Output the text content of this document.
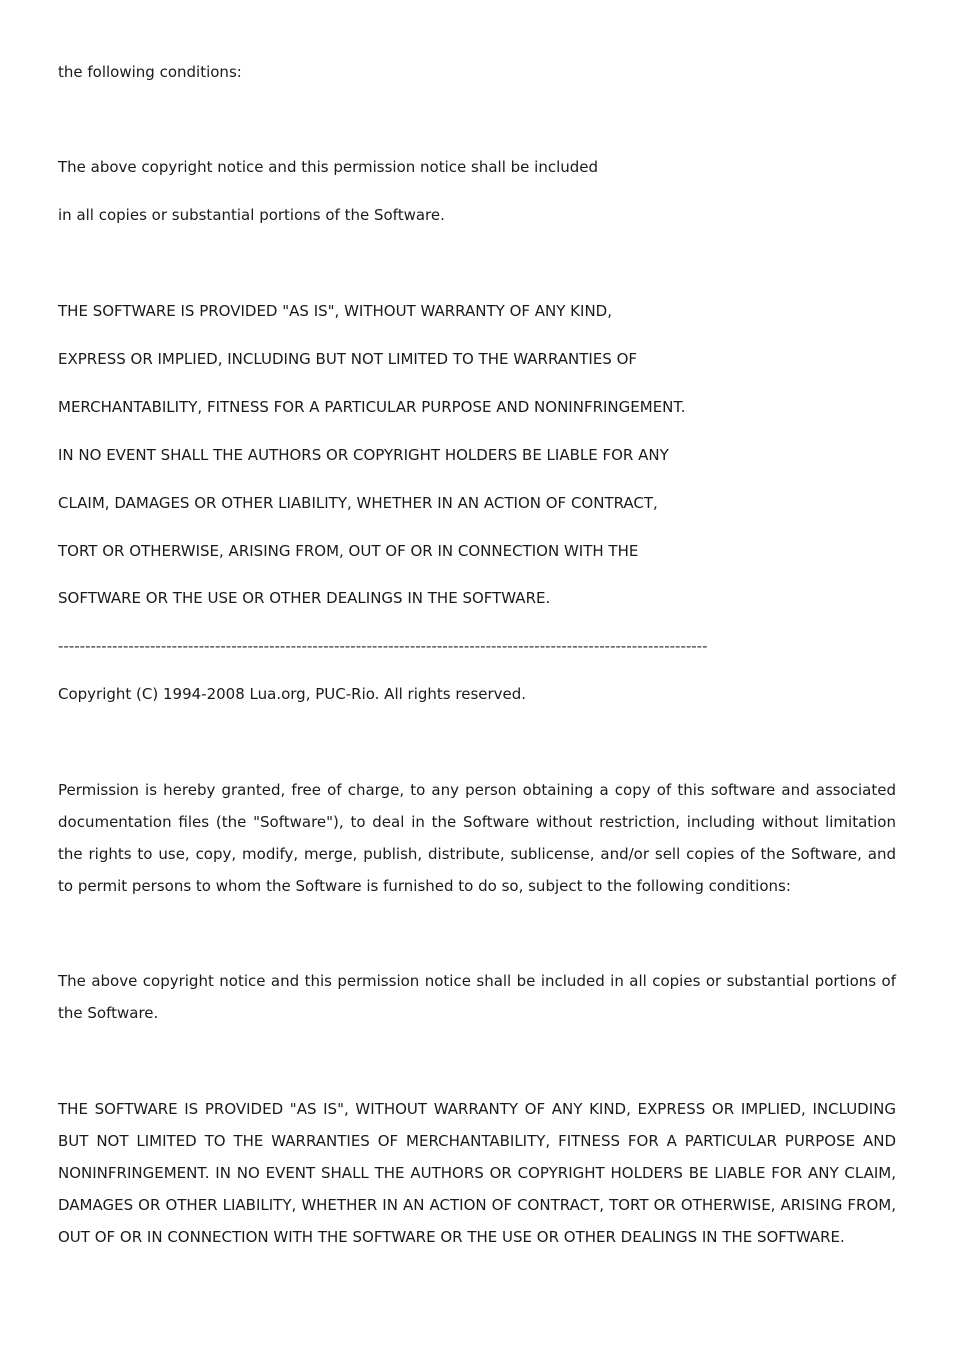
the following conditions:
The above copyright notice and this permission notice shall be included
in all copies or substantial portions of the Software.
THE SOFTWARE IS PROVIDED "AS IS", WITHOUT WARRANTY OF ANY KIND,
EXPRESS OR IMPLIED, INCLUDING BUT NOT LIMITED TO THE WARRANTIES OF
MERCHANTABILITY, FITNESS FOR A PARTICULAR PURPOSE AND NONINFRINGEMENT.
IN NO EVENT SHALL THE AUTHORS OR COPYRIGHT HOLDERS BE LIABLE FOR ANY
CLAIM, DAMAGES OR OTHER LIABILITY, WHETHER IN AN ACTION OF CONTRACT,
TORT OR OTHERWISE, ARISING FROM, OUT OF OR IN CONNECTION WITH THE
SOFTWARE OR THE USE OR OTHER DEALINGS IN THE SOFTWARE.
------------------------------------------------------------------------------------------------------------------------
Copyright (C) 1994-2008 Lua.org, PUC-Rio. All rights reserved.
Permission is hereby granted, free of charge, to any person obtaining a copy of this software and associated documentation files (the "Software"), to deal in the Software without restriction, including without limitation the rights to use, copy, modify, merge, publish, distribute, sublicense, and/or sell copies of the Software, and to permit persons to whom the Software is furnished to do so, subject to the following conditions:
The above copyright notice and this permission notice shall be included in all copies or substantial portions of the Software.
THE SOFTWARE IS PROVIDED "AS IS", WITHOUT WARRANTY OF ANY KIND, EXPRESS OR IMPLIED, INCLUDING BUT NOT LIMITED TO THE WARRANTIES OF MERCHANTABILITY, FITNESS FOR A PARTICULAR PURPOSE AND NONINFRINGEMENT. IN NO EVENT SHALL THE AUTHORS OR COPYRIGHT HOLDERS BE LIABLE FOR ANY CLAIM, DAMAGES OR OTHER LIABILITY, WHETHER IN AN ACTION OF CONTRACT, TORT OR OTHERWISE, ARISING FROM, OUT OF OR IN CONNECTION WITH THE SOFTWARE OR THE USE OR OTHER DEALINGS IN THE SOFTWARE.
